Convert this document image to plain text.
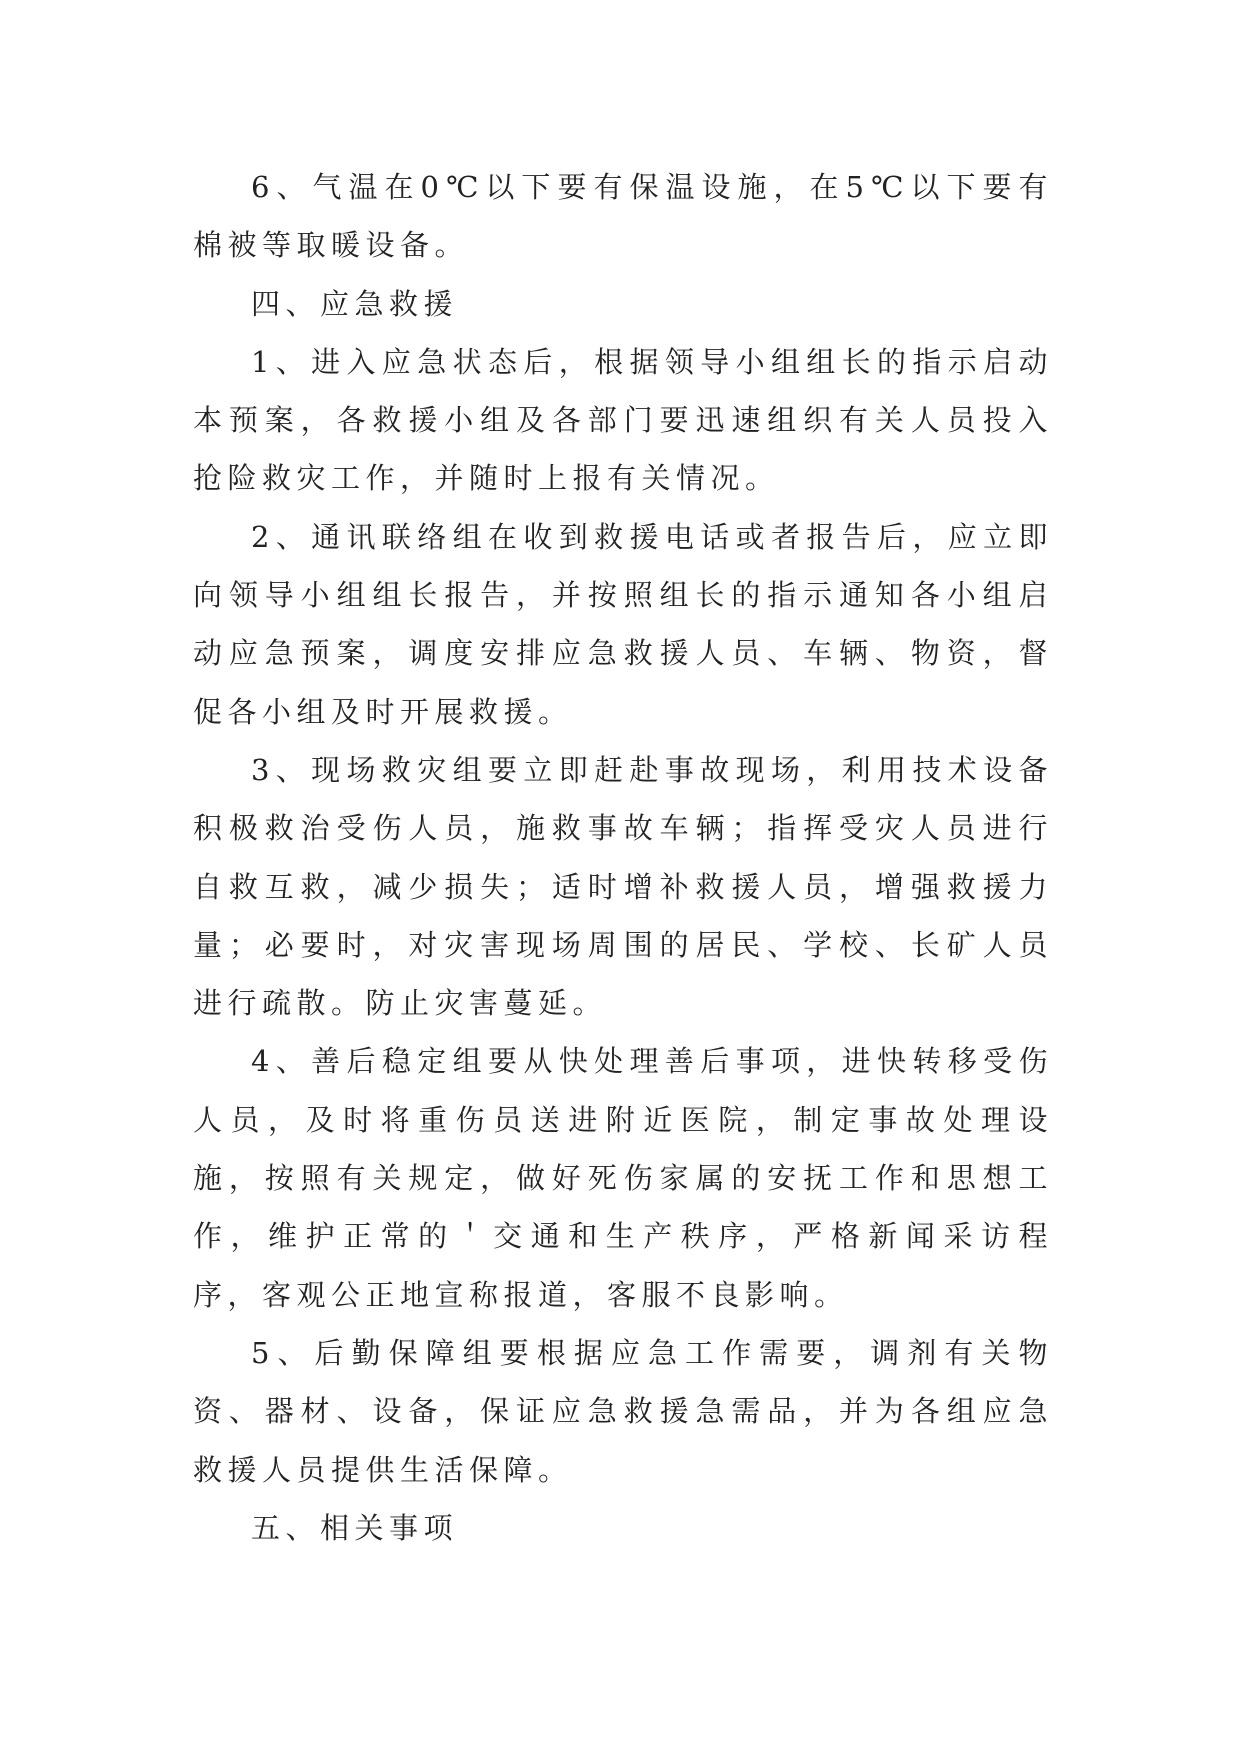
6、气温在0℃以下要有保温设施，在5℃以下要有棉被等取暖设备。

四、应急救援

1、进入应急状态后，根据领导小组组长的指示启动本预案，各救援小组及各部门要迅速组织有关人员投入抢险救灾工作，并随时上报有关情况。

2、通讯联络组在收到救援电话或者报告后，应立即向领导小组组长报告，并按照组长的指示通知各小组启动应急预案，调度安排应急救援人员、车辆、物资，督促各小组及时开展救援。

3、现场救灾组要立即赶赴事故现场，利用技术设备积极救治受伤人员，施救事故车辆；指挥受灾人员进行自救互救，减少损失；适时增补救援人员，增强救援力量；必要时，对灾害现场周围的居民、学校、长矿人员进行疏散。防止灾害蔓延。

4、善后稳定组要从快处理善后事项，进快转移受伤人员，及时将重伤员送进附近医院，制定事故处理设施，按照有关规定，做好死伤家属的安抚工作和思想工作，维护正常的＇交通和生产秩序，严格新闻采访程序，客观公正地宣称报道，客服不良影响。

5、后勤保障组要根据应急工作需要，调剂有关物资、器材、设备，保证应急救援急需品，并为各组应急救援人员提供生活保障。

五、相关事项
